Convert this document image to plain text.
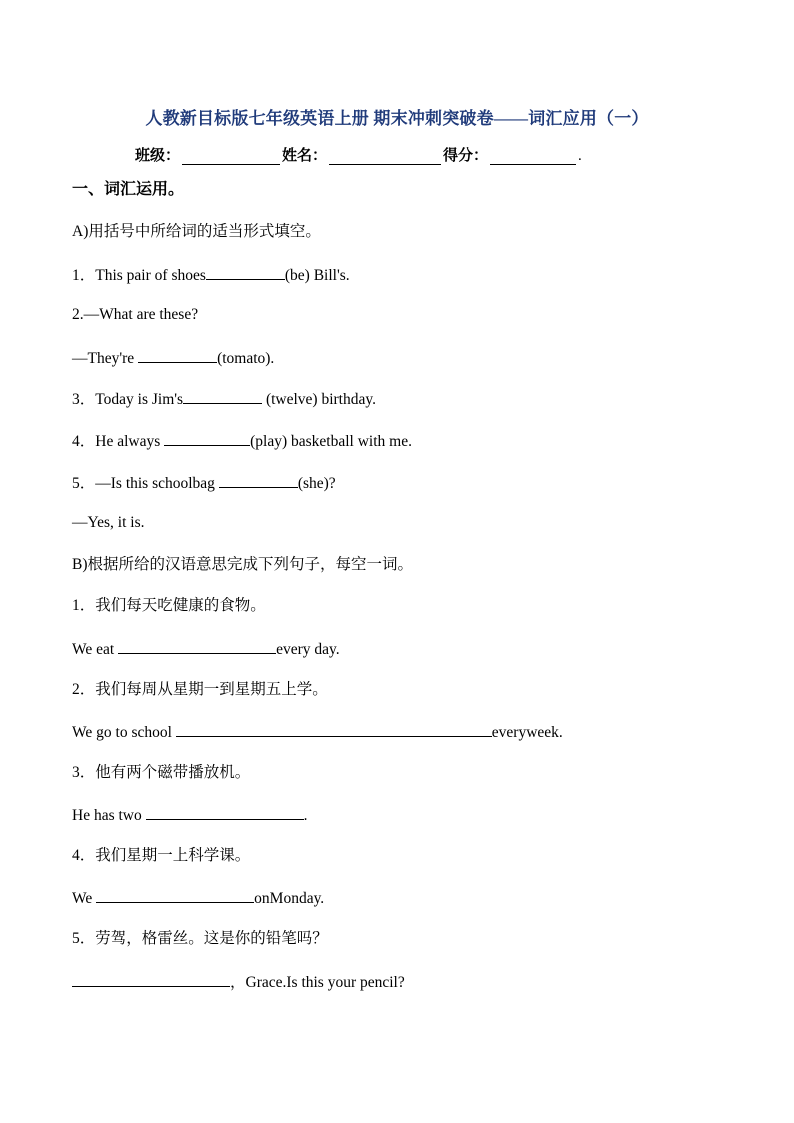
人教新目标版七年级英语上册 期末冲刺突破卷——词汇应用（一）
班级：	姓名：	得分：	.
一、词汇运用。
A)用括号中所给词的适当形式填空。
1．This pair of shoes	(be) Bill's.
2.—What are these?
—They're	(tomato).
3．Today is Jim's	(twelve) birthday.
4．He always	(play) basketball with me.
5．—Is this schoolbag	(she)?
—Yes, it is.
B)根据所给的汉语意思完成下列句子，每空一词。
1．我们每天吃健康的食物。
We eat	every day.
2．我们每周从星期一到星期五上学。
We go to school	everyweek.
3．他有两个磁带播放机。
He has two	.
4．我们星期一上科学课。
We	onMonday.
5．劳驾，格雷丝。这是你的铅笔吗？
，Grace.Is this your pencil?
